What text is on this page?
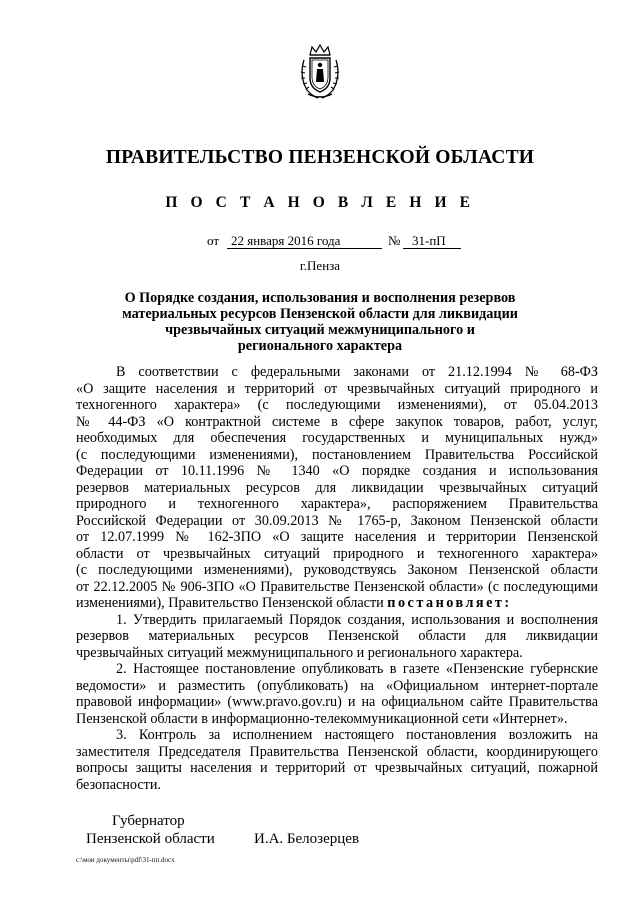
ПРАВИТЕЛЬСТВО ПЕНЗЕНСКОЙ ОБЛАСТИ
П О С Т А Н О В Л Е Н И Е
от 22 января 2016 года	№ 31-пП
г.Пенза
О Порядке создания, использования и восполнения резервов
материальных ресурсов Пензенской области для ликвидации
чрезвычайных ситуаций межмуниципального и
регионального характера

В соответствии с федеральными законами от 21.12.1994 № 68-ФЗ
«О защите населения и территорий от чрезвычайных ситуаций природного и
техногенного характера» (с последующими изменениями), от 05.04.2013
№ 44-ФЗ «О контрактной системе в сфере закупок товаров, работ, услуг,
необходимых для обеспечения государственных и муниципальных нужд»
(с последующими изменениями), постановлением Правительства Российской
Федерации от 10.11.1996 № 1340 «О порядке создания и использования
резервов материальных ресурсов для ликвидации чрезвычайных ситуаций
природного и техногенного характера», распоряжением Правительства
Российской Федерации от 30.09.2013 № 1765-р, Законом Пензенской области
от 12.07.1999 № 162-ЗПО «О защите населения и территории Пензенской
области от чрезвычайных ситуаций природного и техногенного характера»
(с последующими изменениями), руководствуясь Законом Пензенской области
от 22.12.2005 № 906-ЗПО «О Правительстве Пензенской области» (с последующими
изменениями), Правительство Пензенской области постановляет:

1. Утвердить прилагаемый Порядок создания, использования и восполнения
резервов материальных ресурсов Пензенской области для ликвидации
чрезвычайных ситуаций межмуниципального и регионального характера.

2. Настоящее постановление опубликовать в газете «Пензенские губернские
ведомости» и разместить (опубликовать) на «Официальном интернет-портале
правовой информации» (www.pravo.gov.ru) и на официальном сайте Правительства
Пензенской области в информационно-телекоммуникационной сети «Интернет».

3. Контроль за исполнением настоящего постановления возложить на
заместителя Председателя Правительства Пензенской области, координирующего
вопросы защиты населения и территорий от чрезвычайных ситуаций, пожарной
безопасности.

Губернатор
Пензенской области	И.А. Белозерцев
c:\мои документы\pdf\31-пп.docx
